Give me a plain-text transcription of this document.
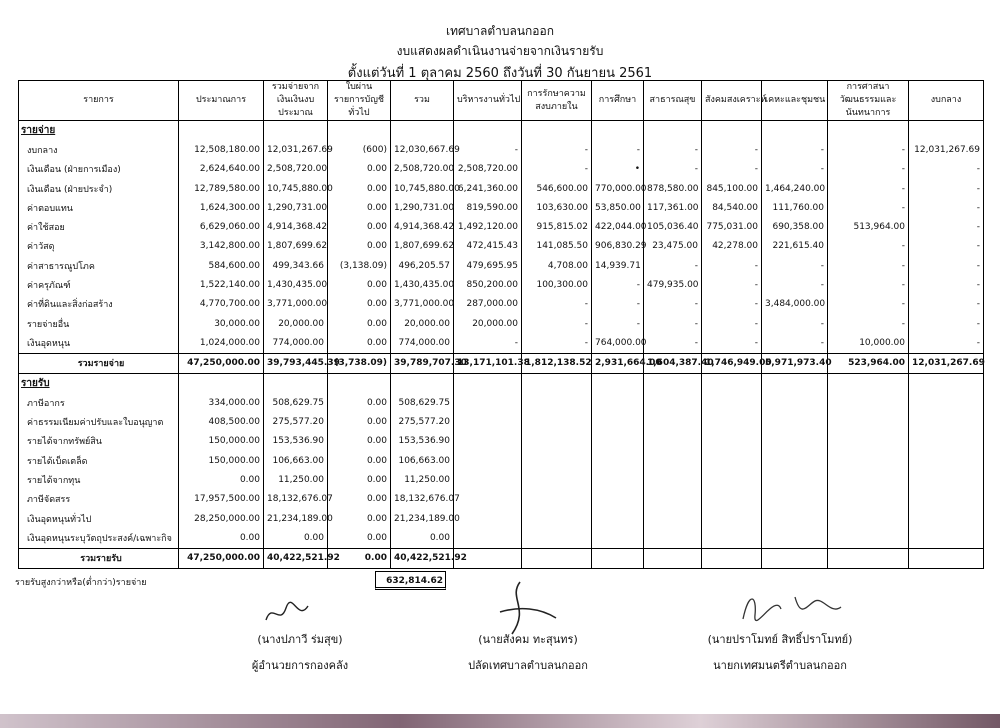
เทศบาลตำบลนกออก
งบแสดงผลดำเนินงานจ่ายจากเงินรายรับ
ตั้งแต่วันที่ 1 ตุลาคม 2560 ถึงวันที่ 30 กันยายน 2561
รายการ	ประมาณการ	รวมจ่ายจากเงินเงินงบประมาณ	ใบผ่านรายการบัญชีทั่วไป	รวม	บริหารงานทั่วไป	การรักษาความสงบภายใน	การศึกษา	สาธารณสุข	สังคมสงเคราะห์	เคหะและชุมชน	การศาสนาวัฒนธรรมและนันทนาการ	งบกลาง
รายจ่าย												
งบกลาง	12,508,180.00	12,031,267.69	(600)	12,030,667.69	-	-	-	-	-	-	-	12,031,267.69
เงินเดือน (ฝ่ายการเมือง)	2,624,640.00	2,508,720.00	0.00	2,508,720.00	2,508,720.00	-	•	-	-	-	-	-
เงินเดือน (ฝ่ายประจำ)	12,789,580.00	10,745,880.00	0.00	10,745,880.00	6,241,360.00	546,600.00	770,000.00	878,580.00	845,100.00	1,464,240.00	-	-
ค่าตอบแทน	1,624,300.00	1,290,731.00	0.00	1,290,731.00	819,590.00	103,630.00	53,850.00	117,361.00	84,540.00	111,760.00	-	-
ค่าใช้สอย	6,629,060.00	4,914,368.42	0.00	4,914,368.42	1,492,120.00	915,815.02	422,044.00	105,036.40	775,031.00	690,358.00	513,964.00	-
ค่าวัสดุ	3,142,800.00	1,807,699.62	0.00	1,807,699.62	472,415.43	141,085.50	906,830.29	23,475.00	42,278.00	221,615.40	-	-
ค่าสาธารณูปโภค	584,600.00	499,343.66	(3,138.09)	496,205.57	479,695.95	4,708.00	14,939.71	-	-	-	-	-
ค่าครุภัณฑ์	1,522,140.00	1,430,435.00	0.00	1,430,435.00	850,200.00	100,300.00	-	479,935.00	-	-	-	-
ค่าที่ดินและสิ่งก่อสร้าง	4,770,700.00	3,771,000.00	0.00	3,771,000.00	287,000.00	-	-	-	-	3,484,000.00	-	-
รายจ่ายอื่น	30,000.00	20,000.00	0.00	20,000.00	20,000.00	-	-	-	-	-	-	-
เงินอุดหนุน	1,024,000.00	774,000.00	0.00	774,000.00	-	-	764,000.00	-	-	-	10,000.00	-
รวมรายจ่าย	47,250,000.00	39,793,445.39	(3,738.09)	39,789,707.30	13,171,101.38	1,812,138.52	2,931,664.00	1,604,387.40	1,746,949.00	5,971,973.40	523,964.00	12,031,267.69
รายรับ												
ภาษีอากร	334,000.00	508,629.75	0.00	508,629.75								
ค่าธรรมเนียมค่าปรับและใบอนุญาต	408,500.00	275,577.20	0.00	275,577.20								
รายได้จากทรัพย์สิน	150,000.00	153,536.90	0.00	153,536.90								
รายได้เบ็ดเตล็ด	150,000.00	106,663.00	0.00	106,663.00								
รายได้จากทุน	0.00	11,250.00	0.00	11,250.00								
ภาษีจัดสรร	17,957,500.00	18,132,676.07	0.00	18,132,676.07								
เงินอุดหนุนทั่วไป	28,250,000.00	21,234,189.00	0.00	21,234,189.00								
เงินอุดหนุนระบุวัตถุประสงค์/เฉพาะกิจ	0.00	0.00	0.00	0.00								
รวมรายรับ	47,250,000.00	40,422,521.92	0.00	40,422,521.92								
รายรับสูงกว่าหรือ(ต่ำกว่า)รายจ่าย	632,814.62
(นางปภาวี ร่มสุข)
ผู้อำนวยการกองคลัง
(นายสังคม ทะสุนทร)
ปลัดเทศบาลตำบลนกออก
(นายปราโมทย์ สิทธิ์ปราโมทย์)
นายกเทศมนตรีตำบลนกออก
